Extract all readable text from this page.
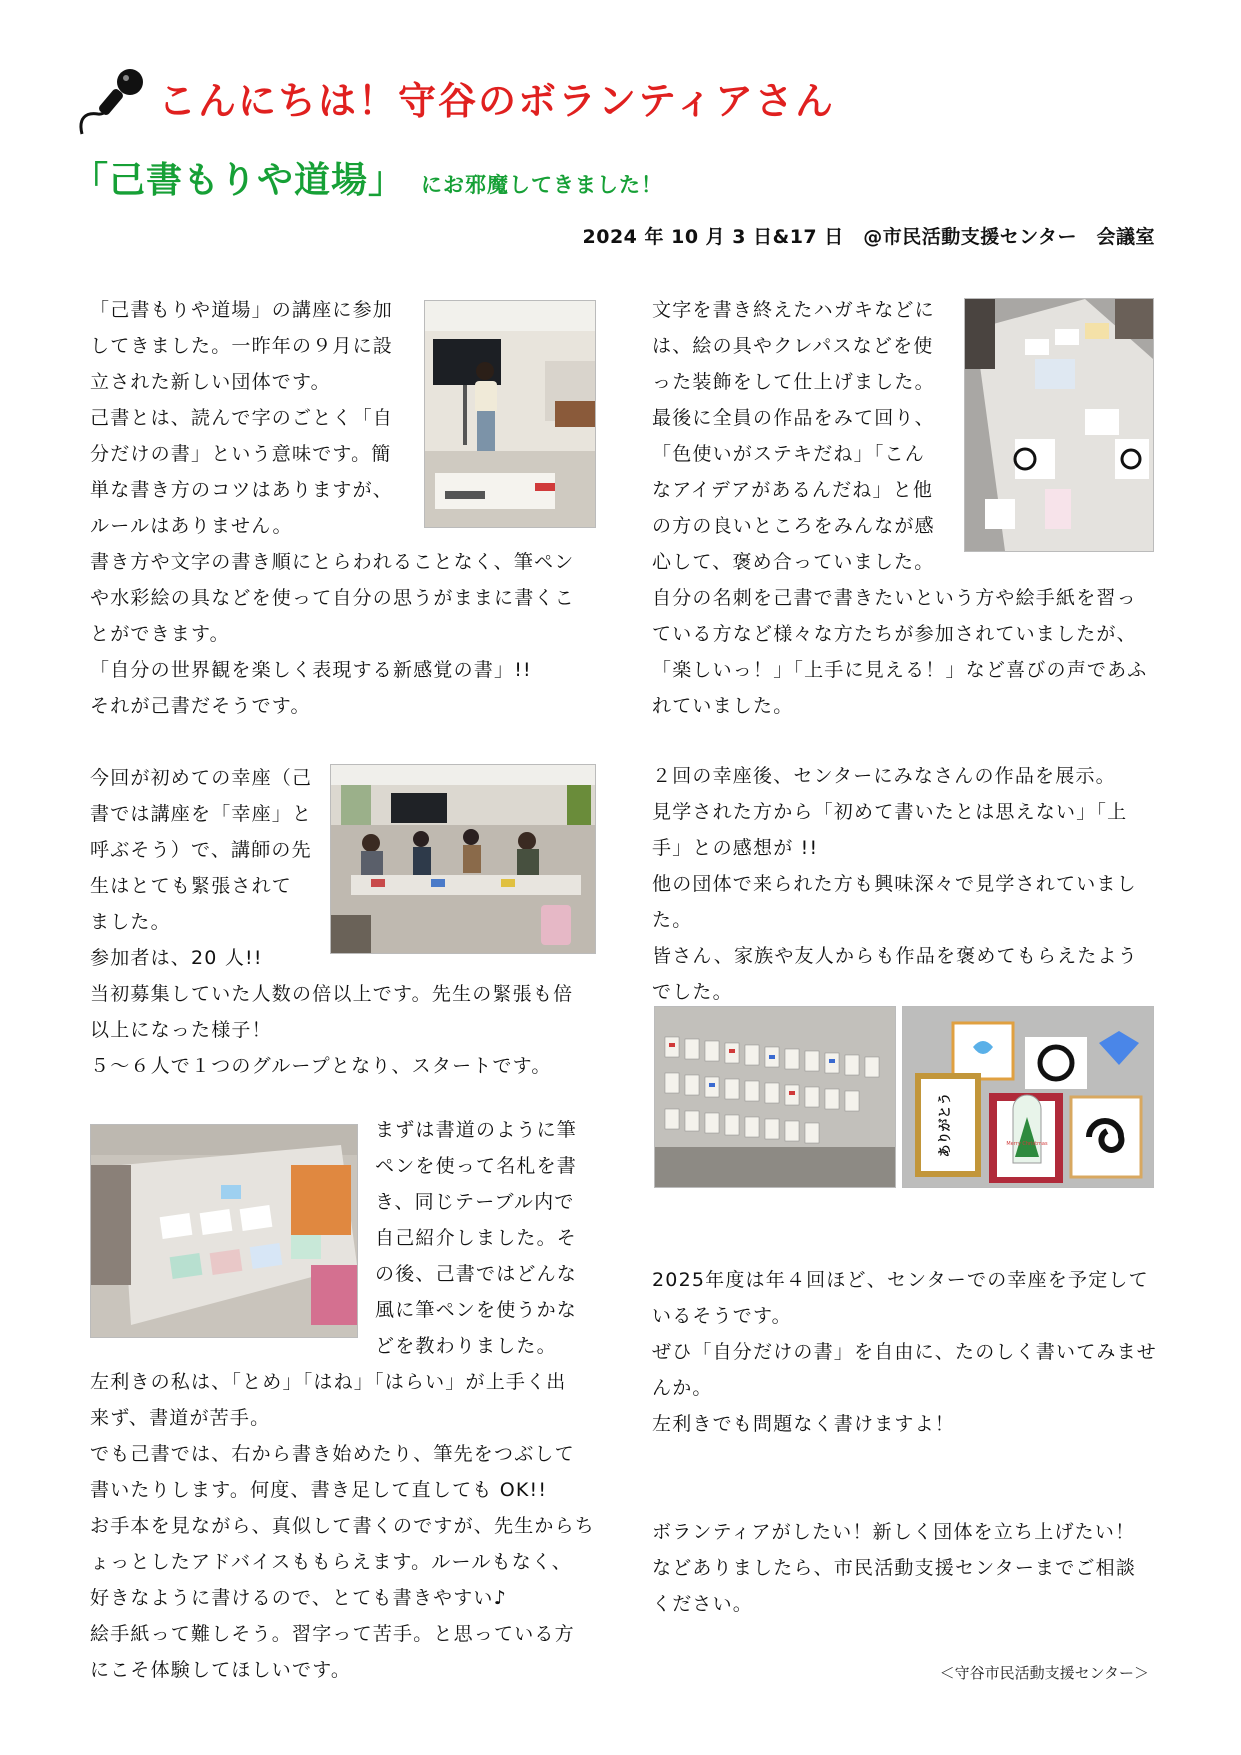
こんにちは！守谷のボランティアさん
「己書もりや道場」 にお邪魔してきました！
2024 年 10 月 3 日&17 日　@市民活動支援センター　会議室

「己書もりや道場」の講座に参加

してきました。一昨年の９月に設

立された新しい団体です。

己書とは、読んで字のごとく「自

分だけの書」という意味です。簡

単な書き方のコツはありますが、

ルールはありません。

書き方や文字の書き順にとらわれることなく、筆ペン

や水彩絵の具などを使って自分の思うがままに書くこ

とができます。

「自分の世界観を楽しく表現する新感覚の書」!!

それが己書だそうです。

今回が初めての幸座（己

書では講座を「幸座」と

呼ぶそう）で、講師の先

生はとても緊張されて

ました。

参加者は、20 人!!

当初募集していた人数の倍以上です。先生の緊張も倍

以上になった様子！

５～６人で１つのグループとなり、スタートです。

まずは書道のように筆

ペンを使って名札を書

き、同じテーブル内で

自己紹介しました。そ

の後、己書ではどんな

風に筆ペンを使うかな

どを教わりました。

左利きの私は、「とめ」「はね」「はらい」が上手く出

来ず、書道が苦手。

でも己書では、右から書き始めたり、筆先をつぶして

書いたりします。何度、書き足して直しても OK!!

お手本を見ながら、真似して書くのですが、先生からち

ょっとしたアドバイスももらえます。ルールもなく、

好きなように書けるので、とても書きやすい♪

絵手紙って難しそう。習字って苦手。と思っている方

にこそ体験してほしいです。

文字を書き終えたハガキなどに

は、絵の具やクレパスなどを使

った装飾をして仕上げました。

最後に全員の作品をみて回り、

「色使いがステキだね」「こん

なアイデアがあるんだね」と他

の方の良いところをみんなが感

心して、褒め合っていました。

自分の名刺を己書で書きたいという方や絵手紙を習っ

ている方など様々な方たちが参加されていましたが、

「楽しいっ！」「上手に見える！」など喜びの声であふ

れていました。

２回の幸座後、センターにみなさんの作品を展示。

見学された方から「初めて書いたとは思えない」「上

手」との感想が !!

他の団体で来られた方も興味深々で見学されていまし

た。

皆さん、家族や友人からも作品を褒めてもらえたよう

でした。

ありがとう	Merry Christmas

2025年度は年４回ほど、センターでの幸座を予定して

いるそうです。

ぜひ「自分だけの書」を自由に、たのしく書いてみませ

んか。

左利きでも問題なく書けますよ！

ボランティアがしたい！新しく団体を立ち上げたい！

などありましたら、市民活動支援センターまでご相談

ください。

＜守谷市民活動支援センター＞
